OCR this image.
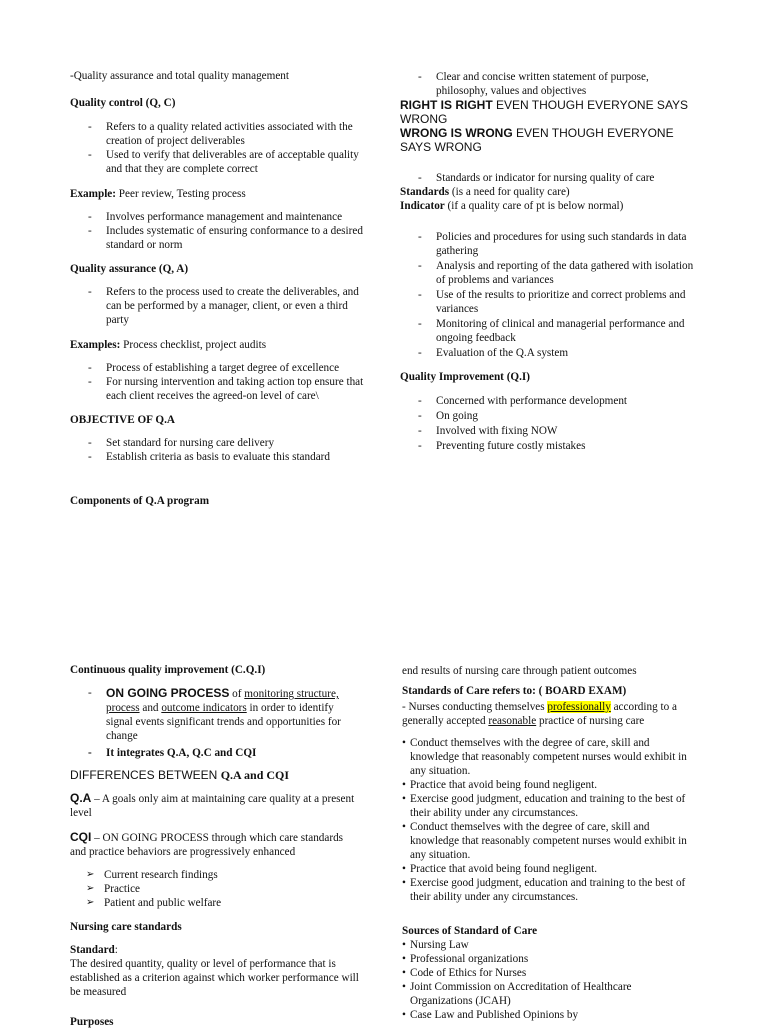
-Quality assurance and total quality management

Quality control (Q, C)

- Refers to a quality related activities associated with the creation of project deliverables
- Used to verify that deliverables are of acceptable quality and that they are complete correct

Example: Peer review, Testing process

- Involves performance management and maintenance
- Includes systematic of ensuring conformance to a desired standard or norm

Quality assurance (Q, A)

- Refers to the process used to create the deliverables, and can be performed by a manager, client, or even a third party

Examples: Process checklist, project audits

- Process of establishing a target degree of excellence
- For nursing intervention and taking action top ensure that each client receives the agreed-on level of care\

OBJECTIVE OF Q.A

- Set standard for nursing care delivery
- Establish criteria as basis to evaluate this standard

Components of Q.A program

- Clear and concise written statement of purpose, philosophy, values and objectives

RIGHT IS RIGHT EVEN THOUGH EVERYONE SAYS WRONG

WRONG IS WRONG EVEN THOUGH EVERYONE SAYS WRONG

- Standards or indicator for nursing quality of care

Standards (is a need for quality care)

Indicator (if a quality care of pt is below normal)

- Policies and procedures for using such standards in data gathering
- Analysis and reporting of the data gathered with isolation of problems and variances
- Use of the results to prioritize and correct problems and variances
- Monitoring of clinical and managerial performance and ongoing feedback
- Evaluation of the Q.A system

Quality Improvement (Q.I)

- Concerned with performance development
- On going
- Involved with fixing NOW
- Preventing future costly mistakes

Continuous quality improvement (C.Q.I)

- ON GOING PROCESS of monitoring structure, process and outcome indicators in order to identify signal events significant trends and opportunities for change
- It integrates Q.A, Q.C and CQI

DIFFERENCES BETWEEN Q.A and CQI

Q.A – A goals only aim at maintaining care quality at a present level

CQI – ON GOING PROCESS through which care standards and practice behaviors are progressively enhanced

➢ Current research findings
➢ Practice
➢ Patient and public welfare

Nursing care standards

Standard:

The desired quantity, quality or level of performance that is established as a criterion against which worker performance will be measured

Purposes

end results of nursing care through patient outcomes

Standards of Care refers to: ( BOARD EXAM)

- Nurses conducting themselves professionally according to a generally accepted reasonable practice of nursing care

• Conduct themselves with the degree of care, skill and knowledge that reasonably competent nurses would exhibit in any situation.
• Practice that avoid being found negligent.
• Exercise good judgment, education and training to the best of their ability under any circumstances.
• Conduct themselves with the degree of care, skill and knowledge that reasonably competent nurses would exhibit in any situation.
• Practice that avoid being found negligent.
• Exercise good judgment, education and training to the best of their ability under any circumstances.

Sources of Standard of Care

• Nursing Law
• Professional organizations
• Code of Ethics for Nurses
• Joint Commission on Accreditation of Healthcare Organizations (JCAH)
• Case Law and Published Opinions by
